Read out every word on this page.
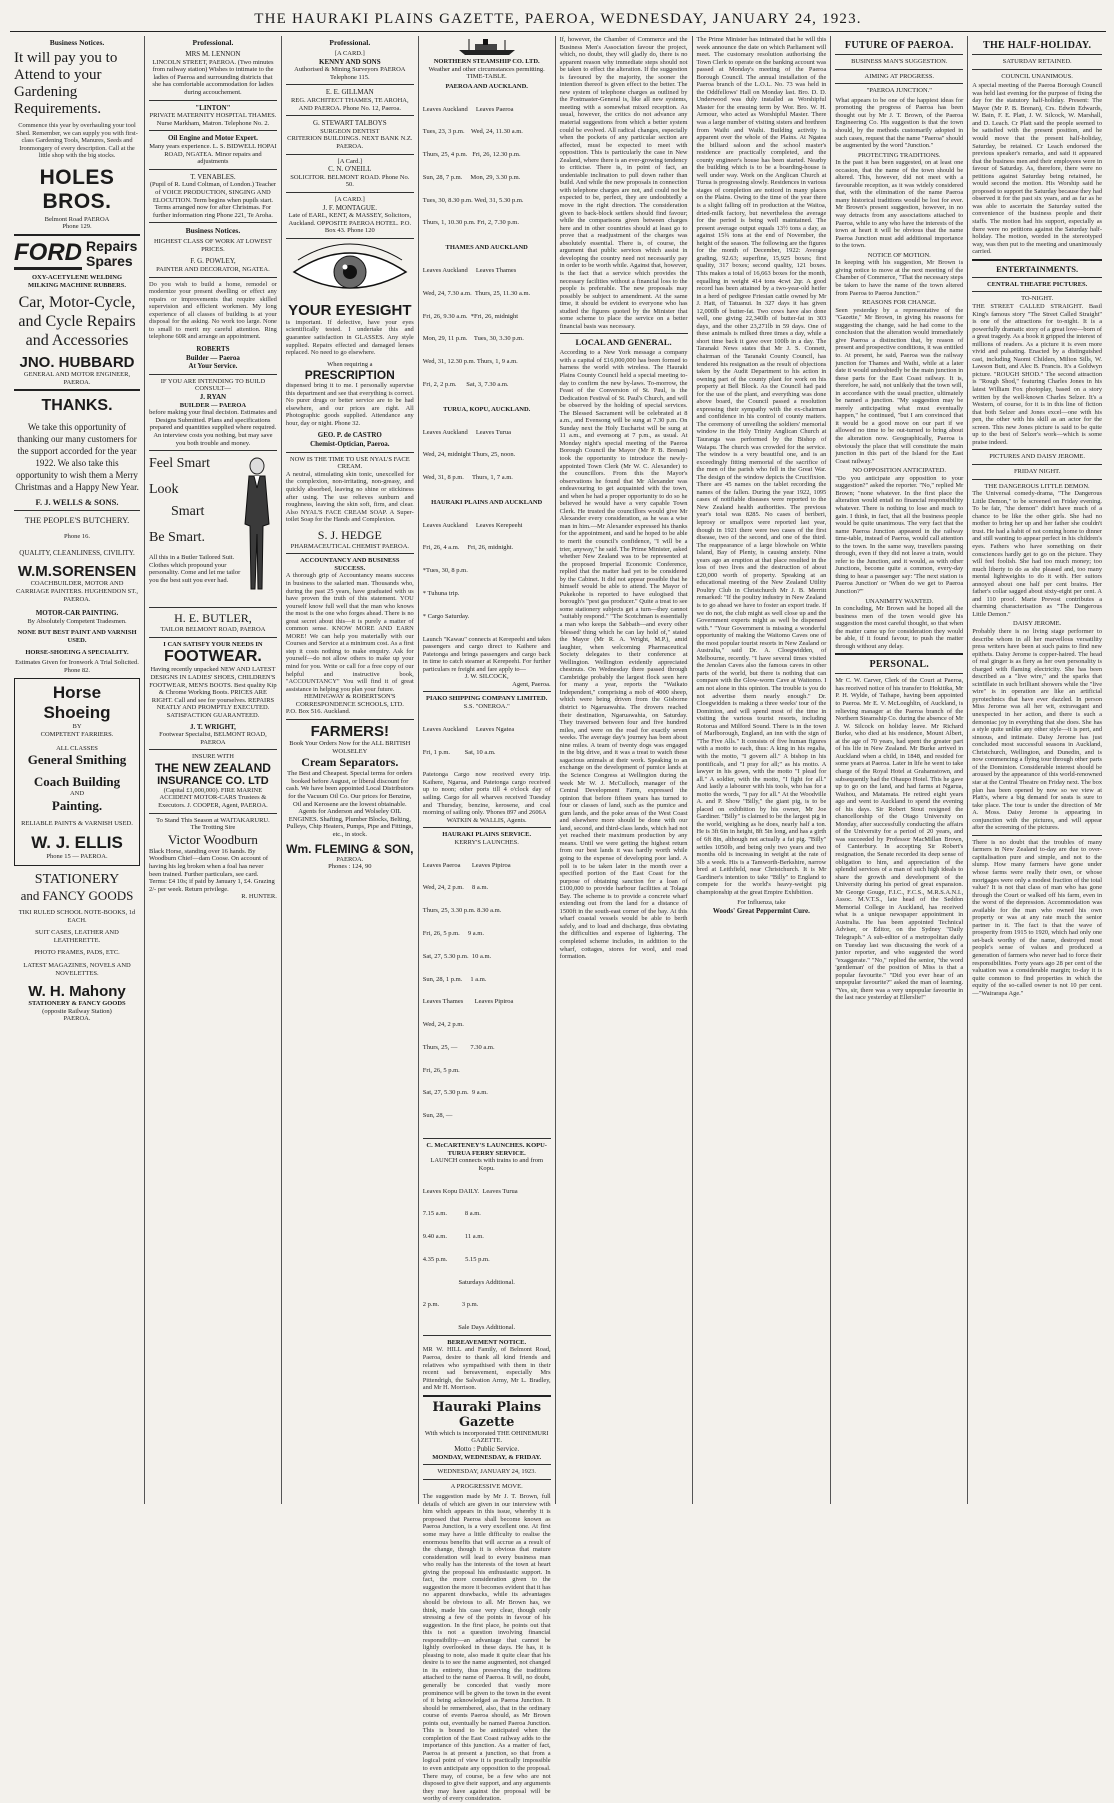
THE HAURAKI PLAINS GAZETTE, PAEROA, WEDNESDAY, JANUARY 24, 1923.
Business Notices.
It will pay you to Attend to your Gardening Requirements.
Commence this year by overhauling your tool Shed. Remember, we can supply you with first-class Gardening Tools, Manures, Seeds and Ironmongery of every description. Call at the little shop with the big stocks.
HOLES BROS.
Belmont Road PAEROA
Phone 129.
FORD Repairs Spares
OXY-ACETYLENE WELDING
MILKING MACHINE RUBBERS.
Car, Motor-Cycle, and Cycle Repairs and Accessories
JNO. HUBBARD
GENERAL AND MOTOR ENGINEER, PAEROA.
THANKS.
We take this opportunity of thanking our many customers for the support accorded for the year 1922. We also take this opportunity to wish them a Merry Christmas and a Happy New Year.
F. J. WELLS & SONS.
THE PEOPLE'S BUTCHERY.
Phone 16.
QUALITY, CLEANLINESS, CIVILITY.
W.M.SORENSEN
COACHBUILDER, MOTOR AND CARRIAGE PAINTERS. HUGHENDON ST., PAEROA.
MOTOR-CAR PAINTING.
By Absolutely Competent Tradesmen.
NONE BUT BEST PAINT AND VARNISH USED.
HORSE-SHOEING A SPECIALITY.
Estimates Given for Ironwork A Trial Solicited. Phone 82.
Horse Shoeing
BY
COMPETENT FARRIERS.
ALL CLASSES
General Smithing
Coach Building
AND
Painting.
RELIABLE PAINTS & VARNISH USED.
W. J. ELLIS
Phone 15 — PAEROA.
STATIONERY
and FANCY GOODS
TIKI RULED SCHOOL NOTE-BOOKS, 1d EACH.
SUIT CASES, LEATHER AND LEATHERETTE.
PHOTO FRAMES, PADS, ETC.
LATEST MAGAZINES, NOVELS AND NOVELETTES.
W. H. Mahony
STATIONERY & FANCY GOODS
(opposite Railway Station)
PAEROA.
Professional.
MRS M. LENNON
LINCOLN STREET, PAEROA. (Two minutes from railway station) Wishes to intimate to the ladies of Paeroa and surrounding districts that she has comfortable accommodation for ladies during accouchement.
"LINTON"
PRIVATE MATERNITY HOSPITAL THAMES. Nurse Markham, Matron. Telephone No. 2.
Oil Engine and Motor Expert.
Many years experience. L. S. BIDWELL HOPAI ROAD, NGATEA. Minor repairs and adjustments
T. VENABLES.
(Pupil of R. Lund Coltman, of London.) Teacher of VOICE PRODUCTION, SINGING AND ELOCUTION. Term begins when pupils start. Terms arranged now for after Christmas. For further information ring Phone 221, Te Aroha.
Business Notices.
HIGHEST CLASS OF WORK AT LOWEST PRICES.
F. G. POWLEY,
PAINTER AND DECORATOR, NGATEA.
Do you wish to build a home, remodel or modernize your present dwelling or effect any repairs or improvements that require skilled supervision and efficient workmen. My long experience of all classes of building is at your disposal for the asking. No work too large. None to small to merit my careful attention. Ring telephone 60R and arrange an appointment.
ROBERTS
Builder — Paeroa
At Your Service.
IF YOU ARE INTENDING TO BUILD CONSULT—
J. RYAN
BUILDER — PAEROA
before making your final decision. Estimates and Designs Submitted. Plans and specifications prepared and quantities supplied where required. An interview costs you nothing, but may save you both trouble and money.
Feel Smart
Look
Smart
Be Smart.
All this in a Butler Tailored Suit. Clothes which propound your personality. Come and let me tailor you the best suit you ever had.
H. E. BUTLER,
TAILOR BELMONT ROAD, PAEROA
I CAN SATISFY YOUR NEEDS IN
FOOTWEAR.
Having recently unpacked NEW AND LATEST DESIGNS IN LADIES' SHOES, CHILDREN'S FOOTWEAR, MEN'S BOOTS. Best quality Kip & Chrome Working Boots. PRICES ARE RIGHT. Call and see for yourselves. REPAIRS NEATLY AND PROMPTLY EXECUTED. SATISFACTION GUARANTEED.
J. T. WRIGHT,
Footwear Specialist, BELMONT ROAD, PAEROA
INSURE WITH
THE NEW ZEALAND
INSURANCE CO. LTD
(Capital £1,000,000). FIRE MARINE ACCIDENT MOTOR-CARS Trustees & Executors. J. COOPER, Agent, PAEROA.
To Stand This Season at WAITAKARURU.
The Trotting Sire
Victor Woodburn
Black Horse, standing over 16 hands. By Woodburn Chief—dam Coose. On account of having his leg broken when a foal has never been trained. Further particulars, see card. Terms: £4 10s; if paid by January 1, £4. Grazing 2/- per week. Return privilege.
R. HUNTER.
Professional.
[A CARD.]
KENNY AND SONS
Authorised & Mining Surveyors PAEROA Telephone 115.
E. E. GILLMAN
REG. ARCHITECT THAMES, TE AROHA, AND PAEROA. Phone No. 12, Paeroa.
G. STEWART TALBOYS
SURGEON DENTIST
CRITERION BUILDINGS. NEXT BANK N.Z. PAEROA.
[A Card.]
C. N. O'NEILL
SOLICITOR. BELMONT ROAD. Phone No. 50.
[A CARD.]
J. F. MONTAGUE.
Late of EARL, KENT, & MASSEY, Solicitors, Auckland. OPPOSITE PAEROA HOTEL. P.O. Box 43. Phone 120
YOUR EYESIGHT
is important. If defective, have your eyes scientifically tested. I undertake this and guarantee satisfaction in GLASSES. Any style supplied. Repairs effected and damaged lenses replaced. No need to go elsewhere.
When requiring a
PRESCRIPTION
dispensed bring it to me. I personally supervise this department and see that everything is correct. No purer drugs or better service are to be had elsewhere, and our prices are right. All Photographic goods supplied. Attendance any hour, day or night. Phone 32.
GEO. P. de CASTRO
Chemist-Optician, Paeroa.
NOW IS THE TIME TO USE NYAL'S FACE CREAM.
A neutral, stimulating skin tonic, unexcelled for the complexion, non-irritating, non-greasy, and quickly absorbed, leaving no shine or stickiness after using. The use relieves sunburn and roughness, leaving the skin soft, firm, and clear. Also NYAL'S FACE CREAM SOAP. A Super-toilet Soap for the Hands and Complexion.
S. J. HEDGE
PHARMACEUTICAL CHEMIST PAEROA.
ACCOUNTANCY AND BUSINESS SUCCESS.
A thorough grip of Accountancy means success in business to the salaried man. Thousands who, during the past 25 years, have graduated with us have proven the truth of this statement. YOU yourself know full well that the man who knows the most is the one who forges ahead. There is no great secret about this—it is purely a matter of common sense. KNOW MORE AND EARN MORE! We can help you materially with our Courses and Service at a minimum cost. As a first step it costs nothing to make enquiry. Ask for yourself—do not allow others to make up your mind for you. Write or call for a free copy of our helpful and instructive book, "ACCOUNTANCY" You will find it of great assistance in helping you plan your future.
HEMINGWAY & ROBERTSON'S CORRESPONDENCE SCHOOLS, LTD.
P.O. Box 516. Auckland.
FARMERS!
Book Your Orders Now for the ALL BRITISH WOLSELEY
Cream Separators.
The Best and Cheapest. Special terms for orders booked before August, or liberal discount for cash. We have been appointed Local Distributors for the Vacuum Oil Co. Our prices for Benzine, Oil and Kerosene are the lowest obtainable. Agents for Anderson and Wolseley OIL ENGINES. Shafting, Plumber Blocks, Belting, Pulleys, Chip Heaters, Pumps, Pipe and Fittings, etc., in stock.
Wm. FLEMING & SON,
PAEROA.
Phones : 124, 90
NORTHERN STEAMSHIP CO. LTD.
Weather and other circumstances permitting.
TIME-TABLE.
PAEROA AND AUCKLAND.

Leaves Auckland     Leaves Paeroa

Tues, 23, 3 p.m.    Wed, 24, 11.30 a.m.

Thurs, 25, 4 p.m.   Fri, 26, 12.30 p.m.

Sun, 28, 7 p.m.     Mon, 29, 3.30 p.m.

Tues, 30, 8.30 p.m. Wed, 31, 5.30 p.m.

Thurs, 1, 10.30 p.m. Fri, 2, 7.30 p.m.

THAMES AND AUCKLAND

Leaves Auckland     Leaves Thames

Wed, 24, 7.30 a.m.  Thurs, 25, 11.30 a.m.

Fri, 26, 9.30 a.m.  *Fri, 26, midnight

Mon, 29, 11 p.m.    Tues, 30, 3.30 p.m.

Wed, 31, 12.30 p.m. Thurs, 1, 9 a.m.

Fri, 2, 2 p.m.      Sat, 3, 7.30 a.m.

TURUA, KOPU, AUCKLAND.

Leaves Auckland     Leaves Turua

Wed, 24, midnight Thurs, 25, noon.

Wed, 31, 8 p.m.     Thurs, 1, 7 a.m.

HAURAKI PLAINS AND AUCKLAND

Leaves Auckland     Leaves Kerepeehi

Fri, 26, 4 a.m.     Fri, 26, midnight.

*Tues, 30, 8 p.m.

* Tuhuna trip.

* Cargo Saturday.

Launch "Kawau" connects at Kerepeehi and takes passengers and cargo direct to Kaihere and Patetonga and brings passengers and cargo back in time to catch steamer at Kerepeehi. For further particulars re freight and fare apply to—
J. W. SILCOCK,
Agent, Paeroa.
PIAKO SHIPPING COMPANY LIMITED.
S.S. "ONEROA."

Leaves Auckland     Leaves Ngatea

Fri, 1 p.m.         Sat, 10 a.m.

Patetonga Cargo now received every trip. Kaihere, Ngarua, and Patetonga cargo received up to noon; other ports till 4 o'clock day of sailing. Cargo for all wharves received Tuesday and Thursday, benzine, kerosene, and coal morning of sailing only. 'Phones 897 and 2606A
WATKIN & WALLIS, Agents.
HAURAKI PLAINS SERVICE.
KERRY'S LAUNCHES.

Leaves Paeroa       Leaves Pipiroa

Wed, 24, 2 p.m.     8 a.m.

Thurs, 25, 3.30 p.m. 8.30 a.m.

Fri, 26, 5 p.m.     9 a.m.

Sat, 27, 5.30 p.m.  10 a.m.

Sun, 28, 1 p.m.     1 a.m.

Leaves Thames       Leaves Pipiroa

Wed, 24, 2 p.m.

Thurs, 25, —        7.30 a.m.

Fri, 26, 5 p.m.

Sat, 27, 5.30 p.m.  9 a.m.

Sun, 28, —

C. McCARTENEY'S LAUNCHES. KOPU-TURUA FERRY SERVICE.
LAUNCH connects with trains to and from Kopu.

Leaves Kopu DAILY.  Leaves Turua

7.15 a.m.           8 a.m.

9.40 a.m.           11 a.m.

4.35 p.m.           5.15 p.m.

Saturdays Additional.

2 p.m.              3 p.m.

Sale Days Additional.
BEREAVEMENT NOTICE.
MR W. HILL and Family, of Belmont Road, Paeroa, desire to thank all kind friends and relatives who sympathised with them in their recent sad bereavement, especially Mrs Pittendrigh, the Salvation Army, Mr L. Bradley, and Mr H. Morrison.
Hauraki Plains Gazette
With which is incorporated THE OHINEMURI GAZETTE.
Motto : Public Service.
MONDAY, WEDNESDAY, & FRIDAY.
WEDNESDAY, JANUARY 24, 1923.
A PROGRESSIVE MOVE.
The suggestion made by Mr J. T. Brown, full details of which are given in our interview with him which appears in this issue, whereby it is proposed that Paeroa shall become known as Paeroa Junction, is a very excellent one. At first some may have a little difficulty to realise the enormous benefits that will accrue as a result of the change, though it is obvious that mature consideration will lead to every business man who really has the interests of the town at heart giving the proposal his enthusiastic support. In fact, the more consideration given to the suggestion the more it becomes evident that it has no apparent drawbacks, while its advantages should be obvious to all. Mr Brown has, we think, made his case very clear, though only stressing a few of the points in favour of his suggestion. In the first place, he points out that this is not a question involving financial responsibility—an advantage that cannot be lightly overlooked in these days. He has, it is pleasing to note, also made it quite clear that his desire is to see the name augmented, not changed in its entirety, thus preserving the traditions attached to the name of Paeroa. It will, no doubt, generally be conceded that vastly more prominence will be given to the town in the event of it being acknowledged as Paeroa Junction. It should be remembered, also, that in the ordinary course of events Paeroa should, as Mr Brown points out, eventually be named Paeroa Junction. This is bound to be anticipated when the completion of the East Coast railway adds to the importance of this junction. As a matter of fact, Paeroa is at present a junction, so that from a logical point of view it is practically impossible to even anticipate any opposition to the proposal. There may, of course, be a few who are not disposed to give their support, and any arguments they may have against the proposal will be worthy of every consideration.
If, however, the Chamber of Commerce and the Business Men's Association favour the project, which, no doubt, they will gladly do, there is no apparent reason why immediate steps should not be taken to effect the alteration. If the suggestion is favoured by the majority, the sooner the intention thereof is given effect to the better. The new system of telephone charges as outlined by the Postmaster-General is, like all new systems, meeting with a somewhat mixed reception. As usual, however, the critics do not advance any material suggestions from which a better system could be evolved. All radical changes, especially when the pockets of any particular section are affected, must be expected to meet with opposition. This is particularly the case in New Zealand, where there is an ever-growing tendency to criticise. There is, in point of fact, an undeniable inclination to pull down rather than build. And while the new proposals in connection with telephone charges are not, and could not be expected to be, perfect, they are undoubtedly a move in the right direction. The consideration given to back-block settlers should find favour; while the comparisons given between charges here and in other countries should at least go to prove that a readjustment of the charges was absolutely essential. There is, of course, the argument that public services which assist in developing the country need not necessarily pay in order to be worth while. Against that, however, is the fact that a service which provides the necessary facilities without a financial loss to the people is preferable. The new proposals may possibly be subject to amendment. At the same time, it should be evident to everyone who has studied the figures quoted by the Minister that some scheme to place the service on a better financial basis was necessary.
LOCAL AND GENERAL.
According to a New York message a company with a capital of £16,000,000 has been formed to harness the world with wireless. The Hauraki Plains County Council held a special meeting to-day to confirm the new by-laws. To-morrow, the Feast of the Conversion of St. Paul, is the Dedication Festival of St. Paul's Church, and will be observed by the holding of special services. The Blessed Sacrament will be celebrated at 8 a.m., and Evensong will be sung at 7.30 p.m. On Sunday next the Holy Eucharist will be sung at 11 a.m., and evensong at 7 p.m., as usual. At Monday night's special meeting of the Paeroa Borough Council the Mayor (Mr P. B. Brenan) took the opportunity to introduce the newly-appointed Town Clerk (Mr W. C. Alexander) to the councillors. From this the Mayor's observations he found that Mr Alexander was endeavouring to get acquainted with the town, and when he had a proper opportunity to do so he believed he would have a very capable Town Clerk. He trusted the councillors would give Mr Alexander every consideration, as he was a wise man in him.—Mr Alexander expressed his thanks for the appointment, and said he hoped to be able to merit the council's confidence, "I will be a trier, anyway," he said. The Prime Minister, asked whether New Zealand was to be represented at the proposed Imperial Economic Conference, replied that the matter had yet to be considered by the Cabinet. It did not appear possible that he himself would be able to attend. The Mayor of Pukekohe is reported to have eulogised that borough's "pest gas producer." Quite a treat to see some stationery subjects get a turn—they cannot "suitably respond." "The Scotchman is essentially a man who keeps the Sabbath—and every other 'blessed' thing which he can lay hold of," stated the Mayor (Mr R. A. Wright, M.P.), amid laughter, when welcoming Pharmaceutical Society delegates to their conference at Wellington. Wellington evidently appreciated chestnuts. On Wednesday there passed through Cambridge probably the largest flock seen here for many a year, reports the "Waikato Independent," comprising a mob of 4000 sheep, which were being driven from the Gisborne district to Ngaruawahia. The drovers reached their destination, Ngaruawahia, on Saturday. They traversed between four and five hundred miles, and were on the road for exactly seven weeks. The average day's journey has been about nine miles. A team of twenty dogs was engaged in the big drive, and it was a treat to watch these sagacious animals at their work. Speaking to an exchange on the development of pumice lands at the Science Congress at Wellington during the week Mr W. J. McCulloch, manager of the Central Development Farm, expressed the opinion that before fifteen years has turned to four or classes of land, such as the pumice and gum lands, and the poke areas of the West Coast and elsewhere more should be done with our land, second, and third-class lands, which had not yet reached their maximum production by any means. Until we were getting the highest return from our best lands it was hardly worth while going to the expense of developing poor land. A poll is to be taken later in the month over a specified portion of the East Coast for the purpose of obtaining sanction for a loan of £100,000 to provide harbour facilities at Tolaga Bay. The scheme is to provide a concrete wharf extending out from the land for a distance of 1500ft in the south-east corner of the bay. At this wharf coastal vessels would be able to berth safely, and to load and discharge, thus obviating the difficulties and expense of lightering. The completed scheme includes, in addition to the wharf, cottages, stores for wool, and road formation.
The Prime Minister has intimated that he will this week announce the date on which Parliament will meet. The customary resolution authorising the Town Clerk to operate on the banking account was passed at Monday's meeting of the Paeroa Borough Council. The annual installation of the Paeroa branch of the L.O.L. No. 73 was held in the Oddfellows' Hall on Monday last. Bro. D. D. Underwood was duly installed as Worshipful Master for the ensuing term by Wor. Bro. W. H. Armour, who acted as Worshipful Master. There was a large number of visiting sisters and brethren from Waihi and Waihi. Building activity is apparent over the whole of the Plains. At Ngatea the billiard saloon and the school master's residence are practically completed, and the county engineer's house has been started. Nearby the building which is to be a boarding-house is well under way. Work on the Anglican Church at Turua is progressing slowly. Residences in various stages of completion are noticed in many places on the Plains. Owing to the time of the year there is a slight falling off in production at the Waitoa, dried-milk factory, but nevertheless the average for the period is being well maintained. The present average output equals 13½ tons a day, as against 15¾ tons at the end of November, the height of the season. The following are the figures for the month of December, 1922: Average grading, 92.63; superfine, 15,925 boxes; first quality, 317 boxes; second quality, 121 boxes. This makes a total of 16,663 boxes for the month, equalling in weight 414 tons 4cwt 2qr. A good record has been attained by a two-year-old heifer in a herd of pedigree Friesian cattle owned by Mr J. Hatt, of Tatuanui. In 327 days it has given 12,000lb of butter-fat. Two cows have also done well, one giving 22,340lb of butter-fat in 303 days, and the other 23,271lb in 59 days. One of these animals is milked three times a day, while a short time back it gave over 100lb in a day. The Taranaki News states that Mr J. S. Connett, chairman of the Taranaki County Council, has tendered his resignation as the result of objections taken by the Audit Department to his action in owning part of the county plant for work on his property at Bell Block. As the Council had paid for the use of the plant, and everything was done above board, the Council passed a resolution expressing their sympathy with the ex-chairman and confidence in his control of county matters. The ceremony of unveiling the soldiers' memorial window in the Holy Trinity Anglican Church at Tauranga was performed by the Bishop of Waiapu. The church was crowded for the service. The window is a very beautiful one, and is an exceedingly fitting memorial of the sacrifice of the men of the parish who fell in the Great War. The design of the window depicts the Crucifixion. There are 45 names on the tablet recording the names of the fallen. During the year 1922, 1095 cases of notifiable diseases were reported to the New Zealand health authorities. The previous year's total was 8285. No cases of beriberi, leprosy or smallpox were reported last year, though in 1921 there were two cases of the first disease, two of the second, and one of the third. The reappearance of a large blowhole on White Island, Bay of Plenty, is causing anxiety. Nine years ago an eruption at that place resulted in the loss of two lives and the destruction of about £20,000 worth of property. Speaking at an educational meeting of the New Zealand Utility Poultry Club in Christchurch Mr J. B. Merritt remarked: "If the poultry industry in New Zealand is to go ahead we have to foster an export trade. If we do not, the club might as well close up and the Government experts might as well be dispensed with." "Your Government is missing a wonderful opportunity of making the Waitomo Caves one of the most popular tourist resorts in New Zealand or Australia," said Dr. A. Cloegwidden, of Melbourne, recently. "I have several times visited the Jenolan Caves also the famous caves in other parts of the world, but there is nothing that can compare with the Glow-worm Cave at Waitomo. I am not alone in this opinion. The trouble is you do not advertise them nearly enough." Dr. Cloegwidden is making a three weeks' tour of the Dominion, and will spend most of the time in visiting the various tourist resorts, including Rotorua and Milford Sound. There is in the town of Marlborough, England, an inn with the sign of "The Five Alls." It consists of five human figures with a motto to each, thus: A king in his regalia, with the motto, "I govern all." A bishop in his pontificals, and "I pray for all;" as his motto. A lawyer in his gown, with the motto "I plead for all." A soldier, with the motto, "I fight for all." And lastly a labourer with his tools, who has for a motto the words, "I pay for all." At the Woodville A. and P. Show "Billy," the giant pig, is to be placed on exhibition by his owner, Mr Joe Gardiner. "Billy" is claimed to be the largest pig in the world, weighing as he does, nearly half a ton. He is 3ft 6in in height, 8ft 5in long, and has a girth of 6ft 8in, although not actually a fat pig. "Billy" settles 1050lb, and being only two years and two months old is increasing in weight at the rate of 3lb a week. His is a Tamworth-Berkshire, narrow bred at Leithfield, near Christchurch. It is Mr Gardiner's intention to take "Billy" to England to compete for the world's heavy-weight pig championship at the great Empire Exhibition.
For Influenza, take
Woods' Great Peppermint Cure.
FUTURE OF PAEROA.
BUSINESS MAN'S SUGGESTION.
AIMING AT PROGRESS.
"PAEROA JUNCTION."
What appears to be one of the happiest ideas for promoting the progress of Paeroa has been thought out by Mr J. T. Brown, of the Paeroa Engineering Co. His suggestion is that the town should, by the methods customarily adopted in such cases, request that the name "Paeroa" should be augmented by the word "Junction."
PROTECTING TRADITIONS.
In the past it has been suggested, on at least one occasion, that the name of the town should be altered. This, however, did not meet with a favourable reception, as it was widely considered that, with the elimination of the name Paeroa many historical traditions would be lost for ever. Mr Brown's present suggestion, however, in no way detracts from any associations attached to Paeroa, while to any who have the interests of the town at heart it will be obvious that the name Paeroa Junction must add additional importance to the town.
NOTICE OF MOTION.
In keeping with his suggestion, Mr Brown is giving notice to move at the next meeting of the Chamber of Commerce, "That the necessary steps be taken to have the name of the town altered from Paeroa to Paeroa Junction."
REASONS FOR CHANGE.
Seen yesterday by a representative of the "Gazette," Mr Brown, in giving his reasons for suggesting the change, said he had come to the conclusion that the alteration would immediately give Paeroa a distinction that, by reason of present and prospective conditions, it was entitled to. At present, he said, Paeroa was the railway junction for Thames and Waihi, while at a later date it would undoubtedly be the main junction in these parts for the East Coast railway. It is, therefore, he said, not unlikely that the town will, in accordance with the usual practice, ultimately be named a junction. "My suggestion may be merely anticipating what must eventually happen," he continued, "but I am convinced that it would be a good move on our part if we allowed no time to be out-turned to bring about the alteration now. Geographically, Paeroa is obviously the place that will constitute the main junction in this part of the Island for the East Coast railway."
NO OPPOSITION ANTICIPATED.
"Do you anticipate any opposition to your suggestion?" asked the reporter. "No," replied Mr Brown; "none whatever. In the first place the alteration would entail no financial responsibility whatever. There is nothing to lose and much to gain. I think, in fact, that all the business people would be quite unanimous. The very fact that the name Paeroa Junction appeared in the railway time-table, instead of Paeroa, would call attention to the town. In the same way, travellers passing through, even if they did not leave a train, would refer to the Junction, and it would, as with other Junctions, become quite a common, every-day thing to hear a passenger say: 'The next station is Paeroa Junction' or 'When do we get to Paeroa Junction?'"
UNANIMITY WANTED.
In concluding, Mr Brown said he hoped all the business men of the town would give his suggestion the most careful thought, so that when the matter came up for consideration they would be able, if it found favour, to push the matter through without any delay.
PERSONAL.
Mr C. W. Carver, Clerk of the Court at Paeroa, has received notice of his transfer to Hokitika, Mr P. H. Wylde, of Taihape, having been appointed to Paeroa. Mr E. V. McLoughlin, of Auckland, is relieving manager at the Paeroa branch of the Northern Steamship Co. during the absence of Mr J. W. Silcock on holiday leave. Mr Richard Burke, who died at his residence, Mount Albert, at the age of 70 years, had spent the greater part of his life in New Zealand. Mr Burke arrived in Auckland when a child, in 1848, and resided for some years at Paeroa. Later in life he went to take charge of the Royal Hotel at Grahamstown, and subsequently had the Ohaupo Hotel. This he gave up to go on the land, and had farms at Ngarua, Waihou, and Matamata. He retired eight years ago and went to Auckland to spend the evening of his days. Sir Robert Stout resigned the chancellorship of the Otago University on Monday, after successfully conducting the affairs of the University for a period of 20 years, and was succeeded by Professor MacMillan Brown, of Canterbury. In accepting Sir Robert's resignation, the Senate recorded its deep sense of obligation to him, and appreciation of the splendid services of a man of such high ideals to share the growth and development of the University during his period of great expansion. Mr George Gouge, F.I.C., F.C.S., M.R.S.A.N.I., Assoc. M.V.T.S., late head of the Seddon Memorial College in Auckland, has received what is a unique newspaper appointment in Australia. He has been appointed Technical Adviser, or Editor, on the Sydney "Daily Telegraph." A sub-editor of a metropolitan daily on Tuesday last was discussing the work of a junior reporter, and who suggested the word "exaggerate." "No," replied the senior, "the word 'gentleman' of the position of Miss is that a popular favourite." "Did you ever hear of an unpopular favourite?" asked the man of learning. "Yes, sir, there was a very unpopular favourite in the last race yesterday at Ellerslie!"
THE HALF-HOLIDAY.
SATURDAY RETAINED.
COUNCIL UNANIMOUS.
A special meeting of the Paeroa Borough Council was held last evening for the purpose of fixing the day for the statutory half-holiday. Present: The Mayor (Mr P. B. Brenan), Crs. Edwin Edwards, W. Bain, F. E. Platt, J. W. Silcock, W. Marshall, and D. Leach. Cr Platt said the people seemed to be satisfied with the present position, and he would move that the present half-holiday, Saturday, be retained. Cr Leach endorsed the previous speaker's remarks, and said it appeared that the business men and their employees were in favour of Saturday. As, therefore, there were no petitions against Saturday being retained, he would second the motion. His Worship said he proposed to support the Saturday because they had observed it for the past six years, and as far as he was able to ascertain the Saturday suited the convenience of the business people and their staffs. The motion had his support, especially as there were no petitions against the Saturday half-holiday. The motion, worded in the stereotyped way, was then put to the meeting and unanimously carried.
ENTERTAINMENTS.
CENTRAL THEATRE PICTURES.
TO-NIGHT.
THE STREET CALLED STRAIGHT. Basil King's famous story "The Street Called Straight" is one of the attractions for to-night. It is a powerfully dramatic story of a great love—born of a great tragedy. As a book it gripped the interest of millions of readers. As a picture it is even more vivid and pulsating. Enacted by a distinguished cast, including Naomi Childers, Milton Sills, W. Lawson Butt, and Alec B. Francis. It's a Goldwyn picture. "ROUGH SHOD." The second attraction is "Rough Shod," featuring Charles Jones in his latest William Fox photoplay, based on a story written by the well-known Charles Selzer. It's a Western, of course, for it is in this line of fiction that both Selzer and Jones excel—one with his pen, the other with his skill as an actor for the screen. This new Jones picture is said to be quite up to the best of Selzer's work—which is some praise indeed.
PICTURES AND DAISY JEROME.
FRIDAY NIGHT.
THE DANGEROUS LITTLE DEMON.
The Universal comedy-drama, "The Dangerous Little Demon," to be screened on Friday evening. To be fair, "the demon" didn't have much of a chance to be like the other girls. She had no mother to bring her up and her father she couldn't trust. He had a habit of not coming home to dinner and still wanting to appear perfect in his children's eyes. Fathers who have something on their consciences hardly get to go on the picture. They will feel foolish. She had too much money; too much liberty to do as she pleased and, too many mental lightweights to do it with. Her suitors annoyed about one half per cent brains. Her father's collar sagged about sixty-eight per cent. A and 110 proof. Marie Prevost contributes a charming characterisation as "The Dangerous Little Demon."
DAISY JEROME.
Probably there is no living stage performer to describe whom in all her marvellous versatility press writers have been at such pains to find new epithets. Daisy Jerome is copper-haired. The head of real ginger is as fiery as her own personality is charged with flaming electricity. She has been described as a "live wire," and the sparks that scintillate in such brilliant showers while the "live wire" is in operation are like an artificial pyrotechnics that have ever dazzled. In person Miss Jerome was all her wit, extravagant and unexpected in her action, and there is such a demoniac joy in everything that she does. She has a style quite unlike any other style—it is pert, and sinuous, and intimate. Daisy Jerome has just concluded most successful seasons in Auckland, Christchurch, Wellington, and Dunedin, and is now commencing a flying tour through other parts of the Dominion. Considerable interest should be aroused by the appearance of this world-renowned star at the Central Theatre on Friday next. The box plan has been opened by now so we view at Platt's, where a big demand for seats is sure to take place. The tour is under the direction of Mr A. Moss. Daisy Jerome is appearing in conjunction with the pictures, and will appear after the screening of the pictures.
There is no doubt that the troubles of many farmers in New Zealand to-day are due to over-capitalisation pure and simple, and not to the slump. How many farmers have gone under whose farms were really their own, or whose mortgages were only a modest fraction of the total value? It is not that class of man who has gone through the Court or walked off his farm, even in the worst of the depression. Accommodation was available for the man who owned his own property or was at any rate much the senior partner in it. The fact is that the wave of prosperity from 1915 to 1920, which had only one set-back worthy of the name, destroyed most people's sense of values and produced a generation of farmers who never had to force their responsibilities. Forty years ago 28 per cent of the valuation was a considerable margin; to-day it is quite common to find properties in which the equity of the so-called owner is not 10 per cent.—"Wairarapa Age."
